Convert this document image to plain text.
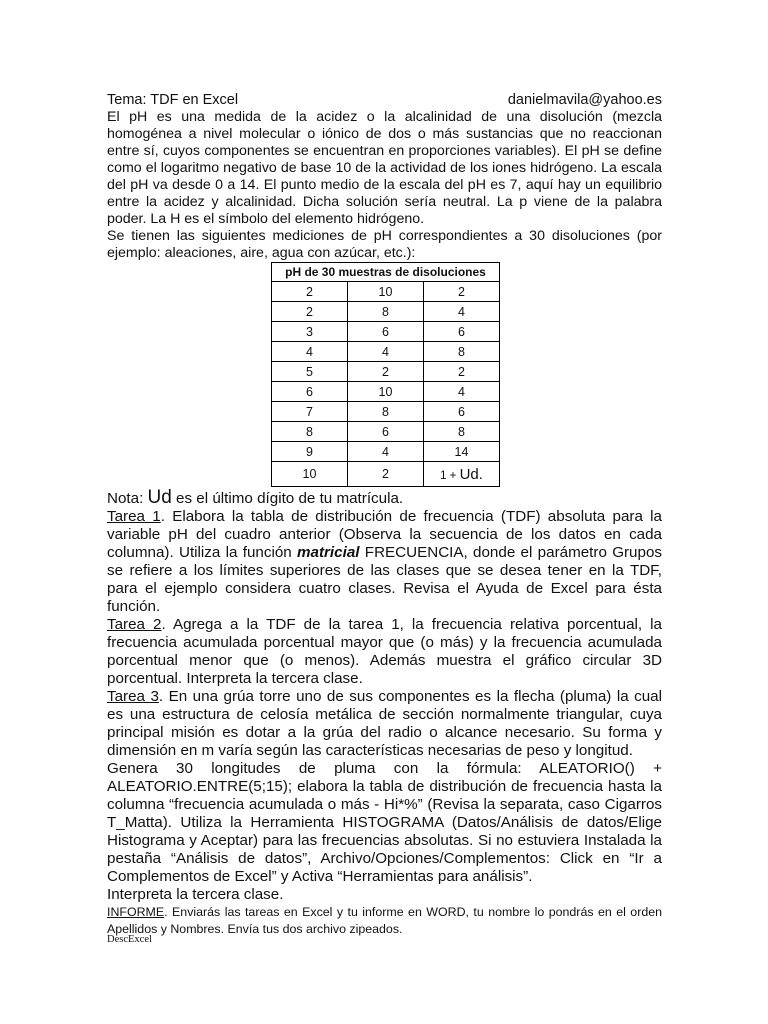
Tema: TDF en Excel	danielmavila@yahoo.es

El pH es una medida de la acidez o la alcalinidad de una disolución (mezcla homogénea a nivel molecular o iónico de dos o más sustancias que no reaccionan entre sí, cuyos componentes se encuentran en proporciones variables). El pH se define como el logaritmo negativo de base 10 de la actividad de los iones hidrógeno. La escala del pH va desde 0 a 14. El punto medio de la escala del pH es 7, aquí hay un equilibrio entre la acidez y alcalinidad. Dicha solución sería neutral. La p viene de la palabra poder. La H es el símbolo del elemento hidrógeno.

Se tienen las siguientes mediciones de pH correspondientes a 30 disoluciones (por ejemplo: aleaciones, aire, agua con azúcar, etc.):

pH de 30 muestras de disoluciones		
2	10	2
2	8	4
3	6	6
4	4	8
5	2	2
6	10	4
7	8	6
8	6	8
9	4	14
10	2	1 + Ud.

Nota: Ud es el último dígito de tu matrícula.

Tarea 1. Elabora la tabla de distribución de frecuencia (TDF) absoluta para la variable pH del cuadro anterior (Observa la secuencia de los datos en cada columna). Utiliza la función matricial FRECUENCIA, donde el parámetro Grupos se refiere a los límites superiores de las clases que se desea tener en la TDF, para el ejemplo considera cuatro clases. Revisa el Ayuda de Excel para ésta función.

Tarea 2. Agrega a la TDF de la tarea 1, la frecuencia relativa porcentual, la frecuencia acumulada porcentual mayor que (o más) y la frecuencia acumulada porcentual menor que (o menos). Además muestra el gráfico circular 3D porcentual. Interpreta la tercera clase.

Tarea 3. En una grúa torre uno de sus componentes es la flecha (pluma) la cual es una estructura de celosía metálica de sección normalmente triangular, cuya principal misión es dotar a la grúa del radio o alcance necesario. Su forma y dimensión en m varía según las características necesarias de peso y longitud.

Genera 30 longitudes de pluma con la fórmula: ALEATORIO() + ALEATORIO.ENTRE(5;15); elabora la tabla de distribución de frecuencia hasta la columna “frecuencia acumulada o más - Hi*%” (Revisa la separata, caso Cigarros T_Matta). Utiliza la Herramienta HISTOGRAMA (Datos/Análisis de datos/Elige Histograma y Aceptar) para las frecuencias absolutas. Si no estuviera Instalada la pestaña “Análisis de datos”, Archivo/Opciones/Complementos: Click en “Ir a Complementos de Excel” y Activa “Herramientas para análisis”.

Interpreta la tercera clase.

INFORME. Enviarás las tareas en Excel y tu informe en WORD, tu nombre lo pondrás en el orden Apellidos y Nombres. Envía tus dos archivo zipeados.

DescExcel
